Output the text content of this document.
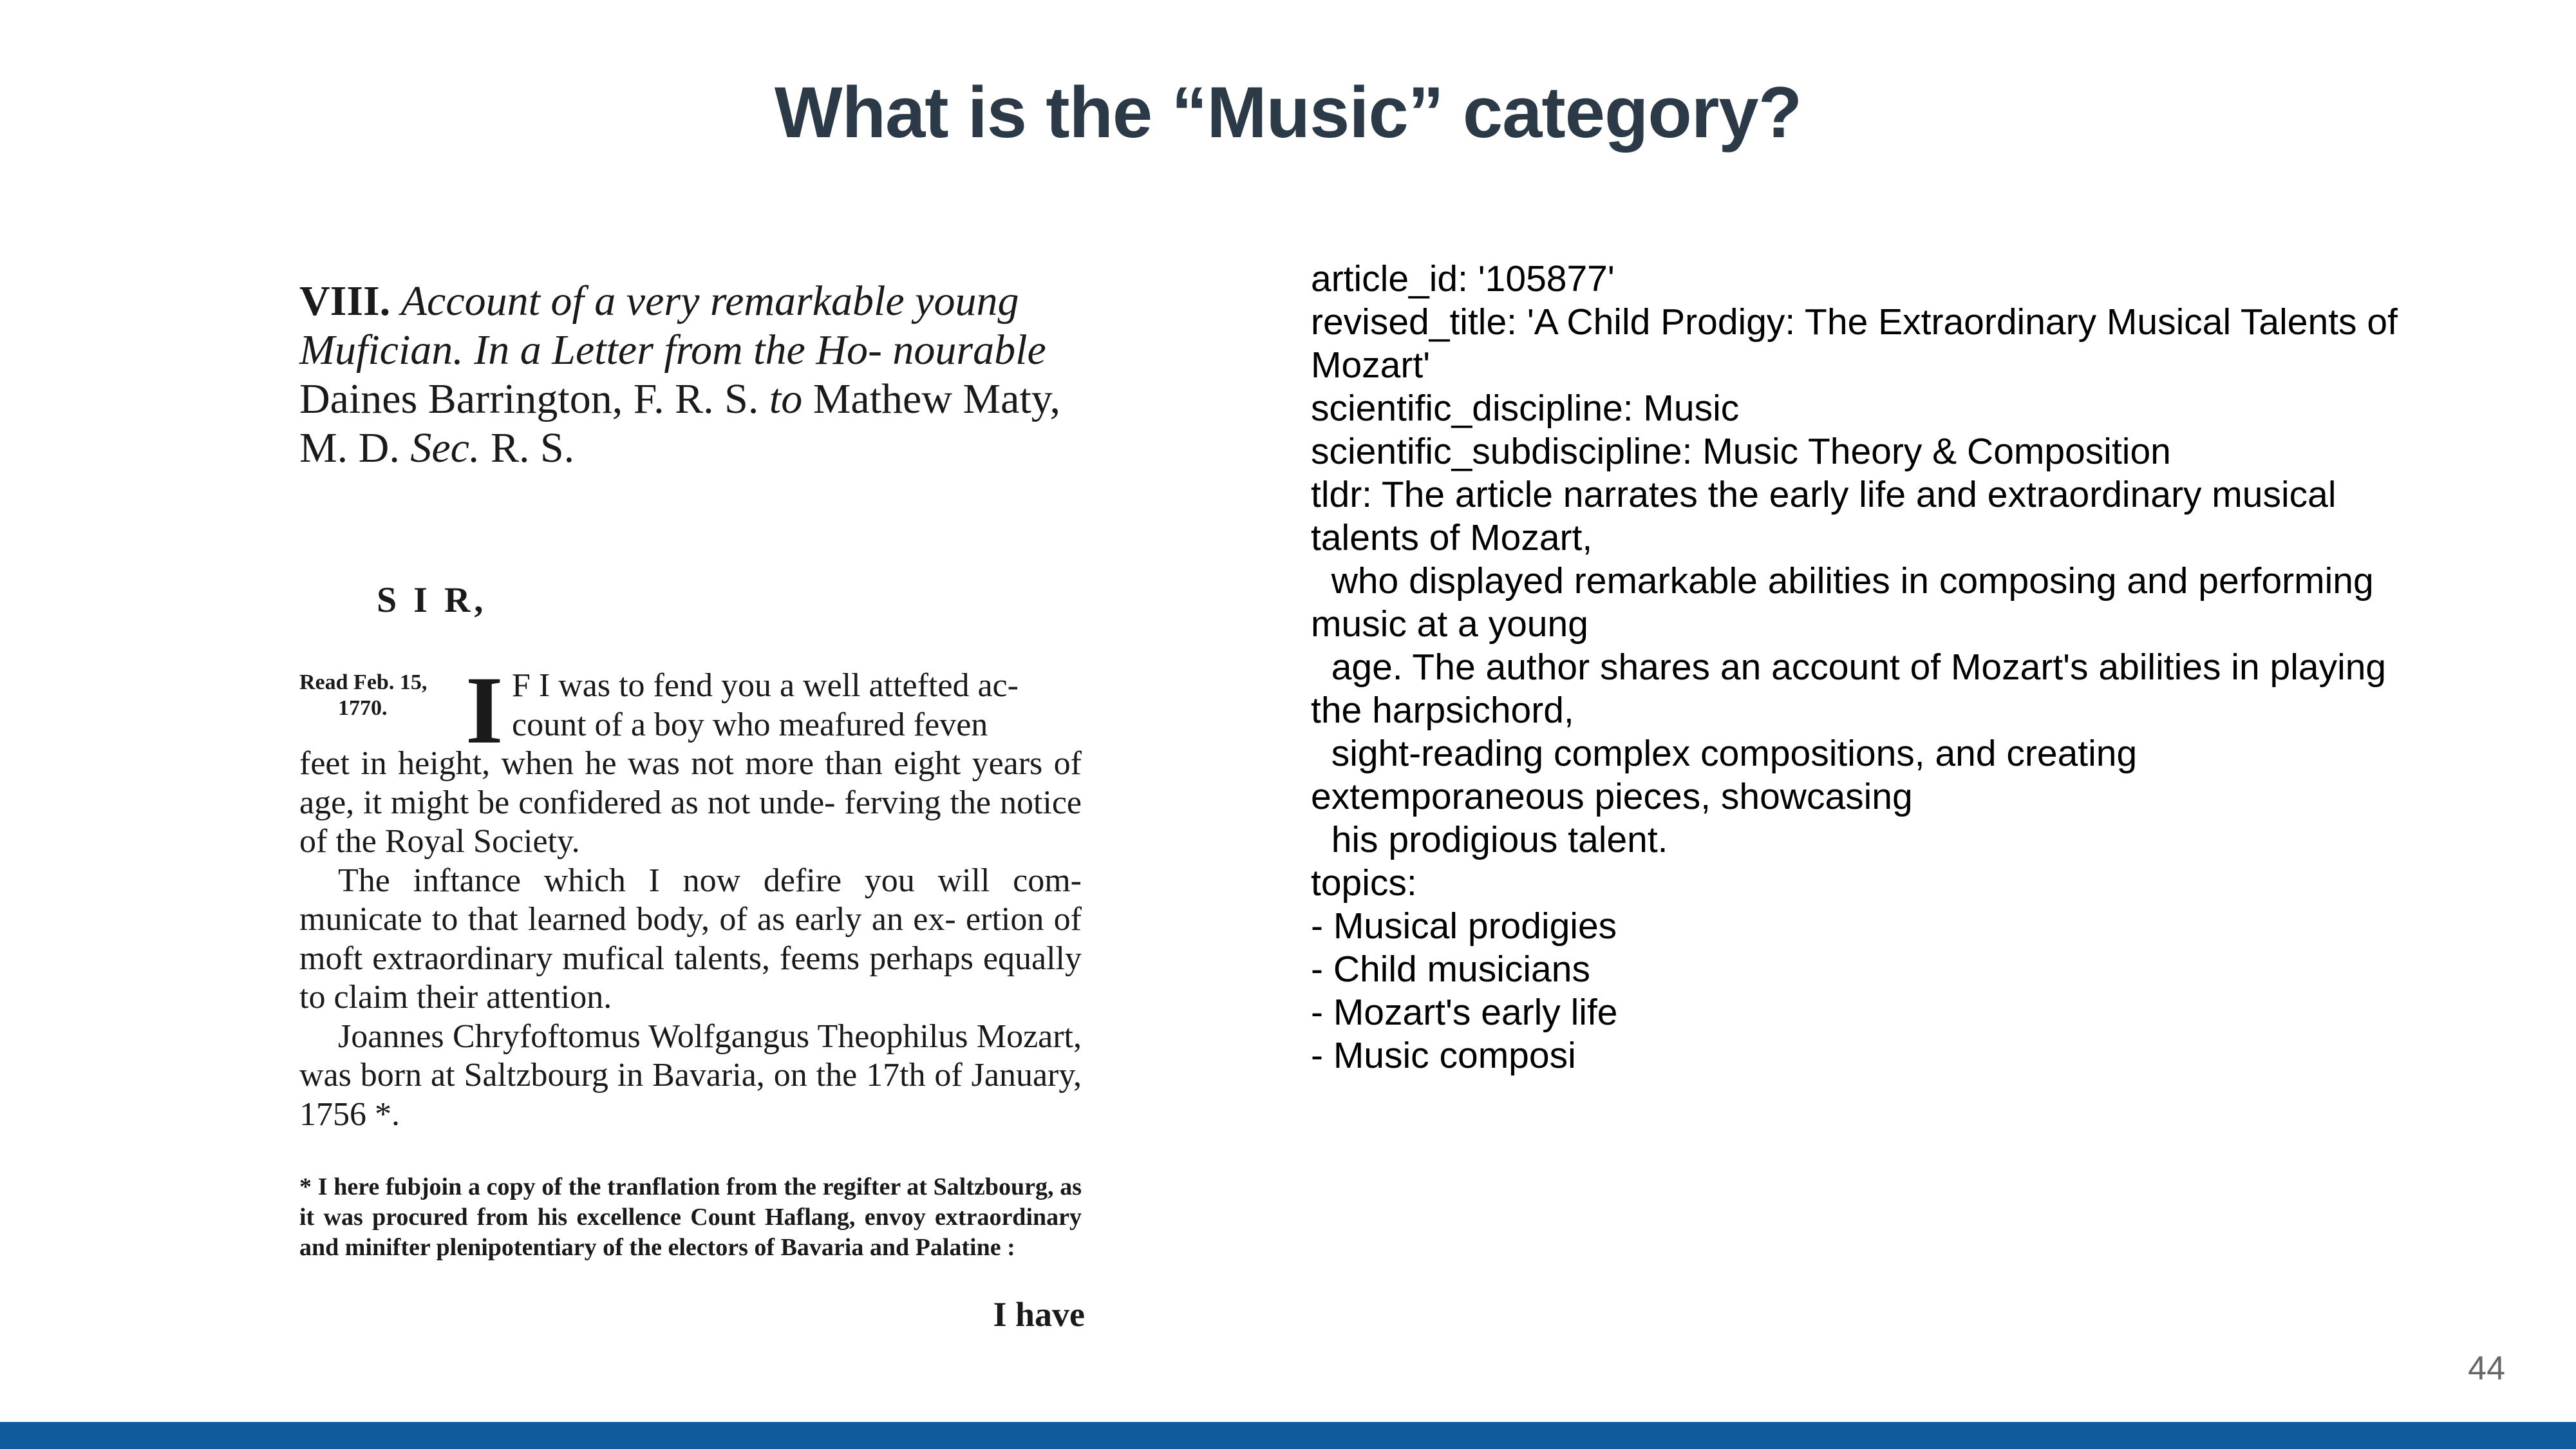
What is the “Music” category?
VIII. Account of a very remarkable young Mufician. In a Letter from the Ho- nourable Daines Barrington, F. R. S. to Mathew Maty, M. D. Sec. R. S.
S I R,
Read Feb. 15,
1770. I F I was to fend you a well attefted ac-

count of a boy who meafured feven

feet in height, when he was not more than eight years of age, it might be confidered as not unde- ferving the notice of the Royal Society.

The inftance which I now defire you will com- municate to that learned body, of as early an ex- ertion of moft extraordinary mufical talents, feems perhaps equally to claim their attention.

Joannes Chryfoftomus Wolfgangus Theophilus Mozart, was born at Saltzbourg in Bavaria, on the 17th of January, 1756 *.

* I here fubjoin a copy of the tranflation from the regifter at Saltzbourg, as it was procured from his excellence Count Haflang, envoy extraordinary and minifter plenipotentiary of the electors of Bavaria and Palatine :
I have
article_id: '105877'
revised_title: 'A Child Prodigy: The Extraordinary Musical Talents of Mozart'
scientific_discipline: Music
scientific_subdiscipline: Music Theory & Composition
tldr: The article narrates the early life and extraordinary musical talents of Mozart,
who displayed remarkable abilities in composing and performing music at a young
age. The author shares an account of Mozart's abilities in playing the harpsichord,
sight-reading complex compositions, and creating extemporaneous pieces, showcasing
his prodigious talent.
topics:
- Musical prodigies
- Child musicians
- Mozart's early life
- Music composi
44
